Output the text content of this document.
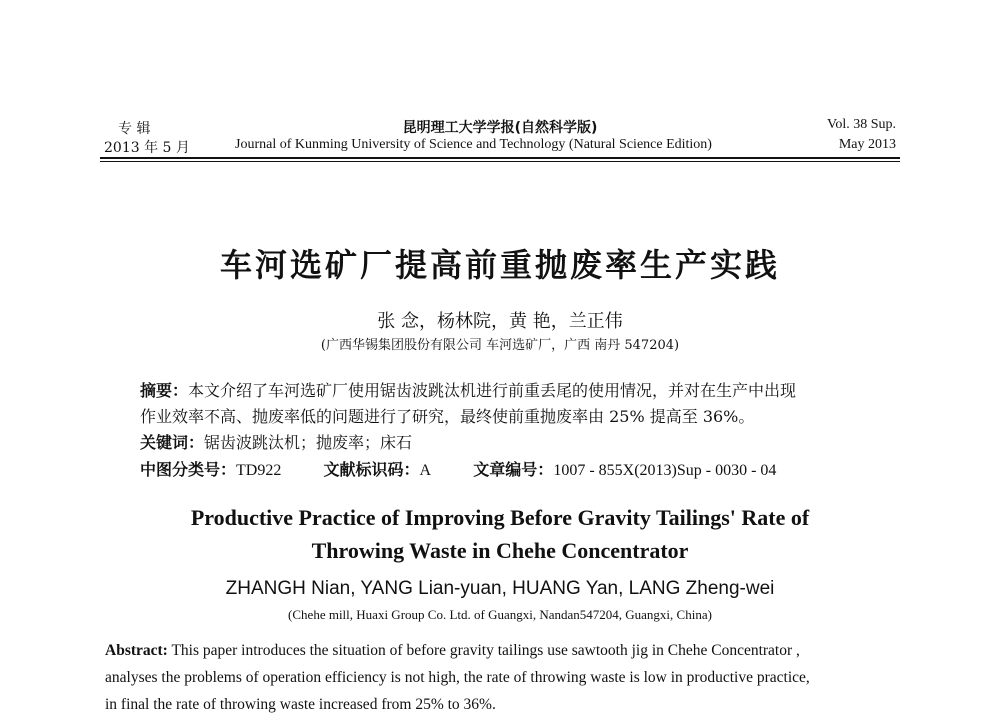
专 辑
2013 年 5 月
昆明理工大学学报(自然科学版)
Journal of Kunming University of Science and Technology (Natural Science Edition)
Vol. 38 Sup.
May 2013
车河选矿厂提高前重抛废率生产实践
张 念，杨林院，黄 艳，兰正伟
(广西华锡集团股份有限公司 车河选矿厂，广西 南丹 547204)
摘要：本文介绍了车河选矿厂使用锯齿波跳汰机进行前重丢尾的使用情况，并对在生产中出现
作业效率不高、抛废率低的问题进行了研究，最终使前重抛废率由 25% 提高至 36%。
关键词：锯齿波跳汰机；抛废率；床石
中图分类号：TD922	文献标识码：A	文章编号：1007 - 855X(2013)Sup - 0030 - 04
Productive Practice of Improving Before Gravity Tailings' Rate of
Throwing Waste in Chehe Concentrator
ZHANGH Nian, YANG Lian-yuan, HUANG Yan, LANG Zheng-wei
(Chehe mill, Huaxi Group Co. Ltd. of Guangxi, Nandan547204, Guangxi, China)
Abstract: This paper introduces the situation of before gravity tailings use sawtooth jig in Chehe Concentrator ,
analyses the problems of operation efficiency is not high, the rate of throwing waste is low in productive practice,
in final the rate of throwing waste increased from 25% to 36%.
